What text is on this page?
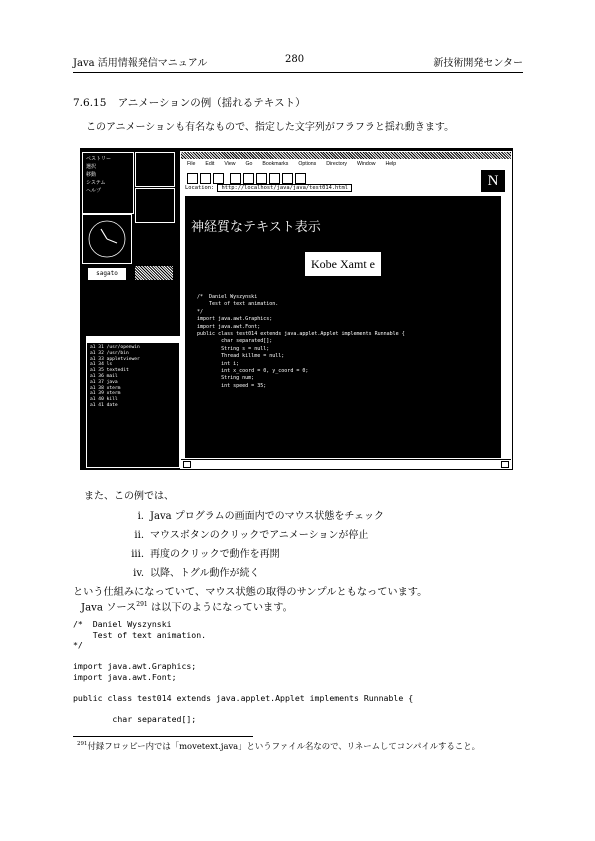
Java 活用情報発信マニュアル	280	新技術開発センター
7.6.15 アニメーションの例（揺れるテキスト）
このアニメーションも有名なもので、指定した文字列がフラフラと揺れ動きます。
ペストリー
選択
移動
システム
ヘルプ
sagato
a1 31 /usr/openwin
a1 32 /usr/bin
a1 33 appletviewer
a1 34 ls
a1 35 textedit
a1 36 mail
a1 37 java
a1 38 xterm
a1 39 xterm
a1 40 kill
a1 41 date
File Edit View Go Bookmarks Options Directory Window Help
Location: http://localhost/java/java/test014.html	N
神経質なテキスト表示
Kobe Xamt e
/*  Daniel Wyszynski
Test of text animation.
*/
import java.awt.Graphics;
import java.awt.Font;
public class test014 extends java.applet.Applet implements Runnable {
char separated[];
String s = null;
Thread killme = null;
int i;
int x_coord = 0, y_coord = 0;
String num;
int speed = 35;
また、この例では、
i. Java プログラムの画面内でのマウス状態をチェック
ii. マウスボタンのクリックでアニメーションが停止
iii. 再度のクリックで動作を再開
iv. 以降、トグル動作が続く
という仕組みになっていて、マウス状態の取得のサンプルともなっています。
Java ソース$^{291}$ は以下のようになっています。
/*  Daniel Wyszynski
Test of text animation.
*/

import java.awt.Graphics;
import java.awt.Font;

public class test014 extends java.applet.Applet implements Runnable {

char separated[];
$^{291}$付録フロッピー内では「movetext.java」というファイル名なので、リネームしてコンパイルすること。
